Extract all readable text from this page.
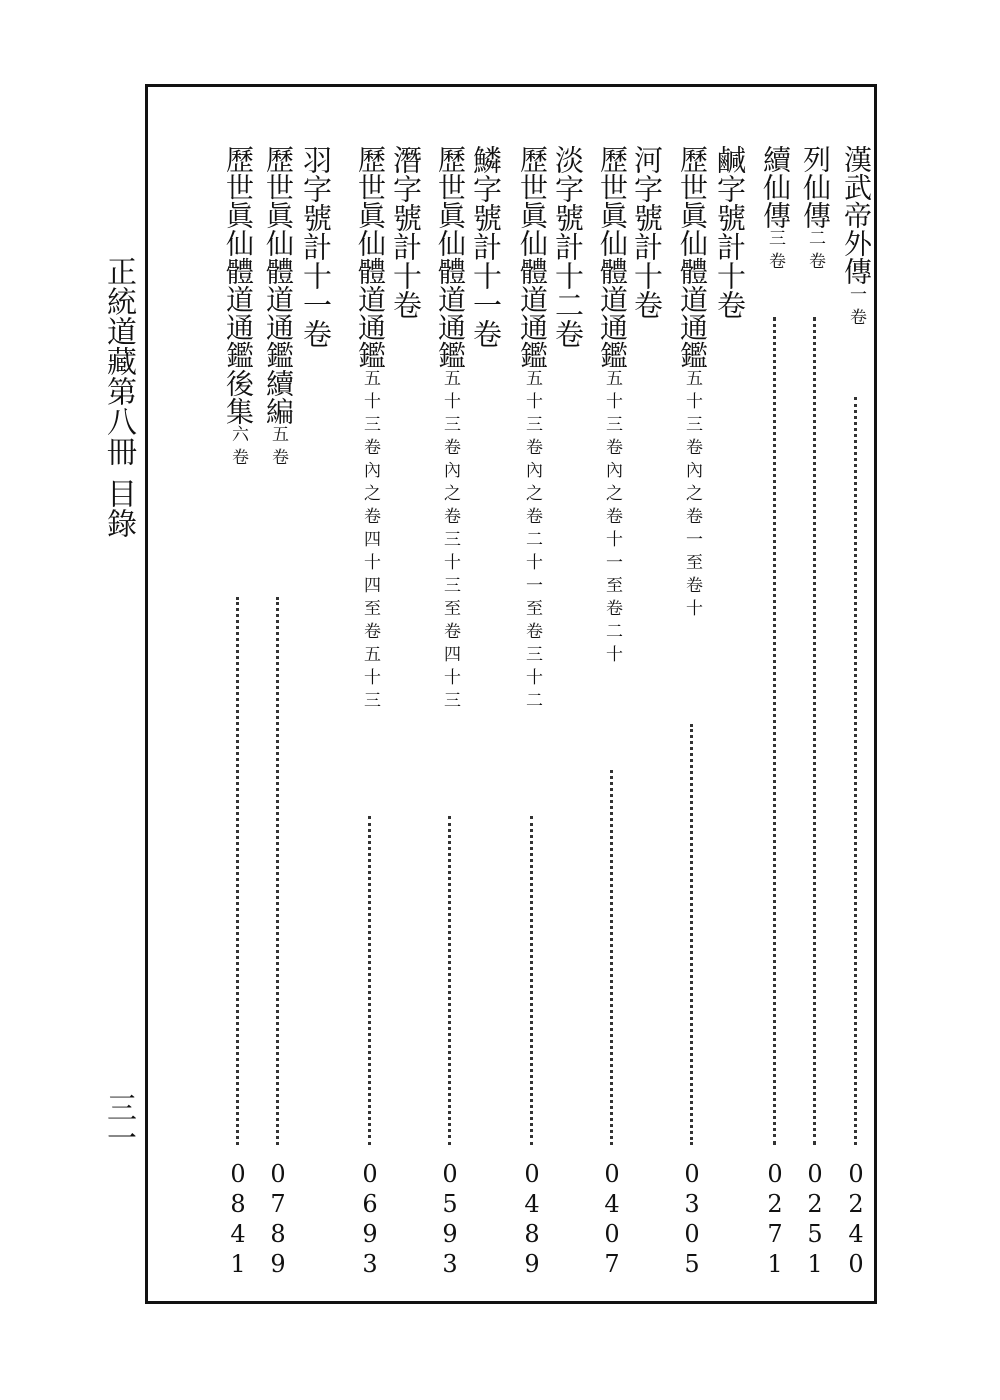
正統道藏第八冊
目錄
三一
漢武帝外傳一卷
0
2
4
0
列仙傳二卷
0
2
5
1
續仙傳三卷
0
2
7
1
鹹字號計十卷
歷世眞仙體道通鑑五十三卷內之卷一至卷十
0
3
0
5
河字號計十卷
歷世眞仙體道通鑑五十三卷內之卷十一至卷二十
0
4
0
7
淡字號計十二卷
歷世眞仙體道通鑑五十三卷內之卷二十一至卷三十二
0
4
8
9
鱗字號計十一卷
歷世眞仙體道通鑑五十三卷內之卷三十三至卷四十三
0
5
9
3
潛字號計十卷
歷世眞仙體道通鑑五十三卷內之卷四十四至卷五十三
0
6
9
3
羽字號計十一卷
歷世眞仙體道通鑑續編五卷
0
7
8
9
歷世眞仙體道通鑑後集六卷
0
8
4
1
